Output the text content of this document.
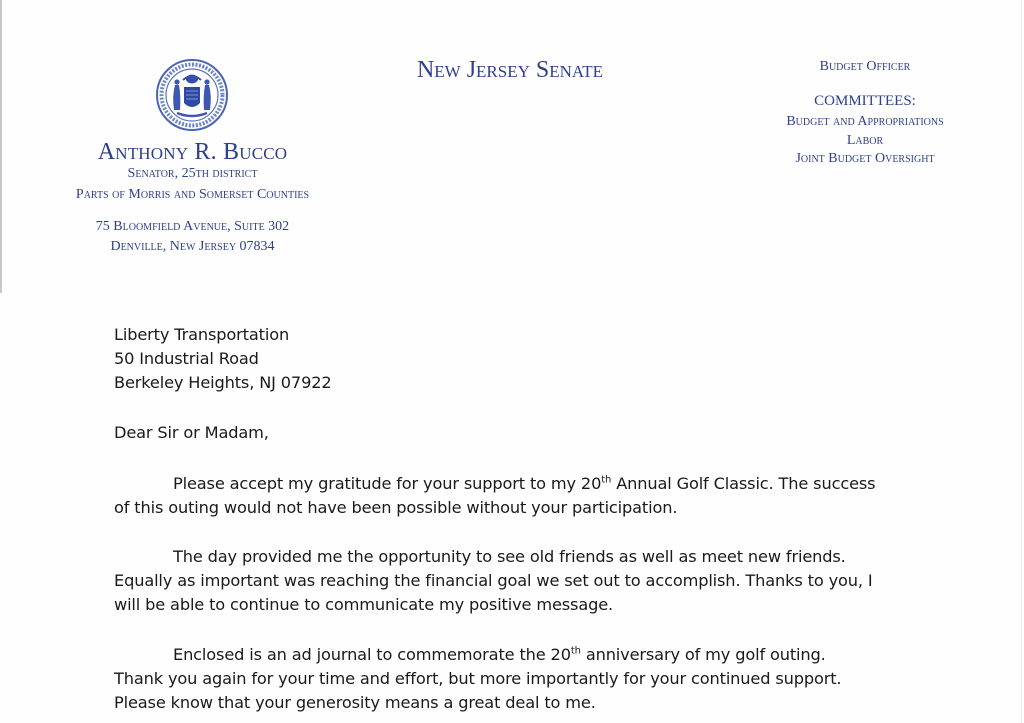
Anthony R. Bucco
Senator, 25th district
Parts of Morris and Somerset Counties
75 Bloomfield Avenue, Suite 302
Denville, New Jersey 07834
New Jersey Senate	Budget Officer
COMMITTEES:
Budget and Appropriations
Labor
Joint Budget Oversight
Liberty Transportation
50 Industrial Road
Berkeley Heights, NJ 07922
Dear Sir or Madam,
Please accept my gratitude for your support to my 20th Annual Golf Classic. The success
of this outing would not have been possible without your participation.
The day provided me the opportunity to see old friends as well as meet new friends.
Equally as important was reaching the financial goal we set out to accomplish. Thanks to you, I
will be able to continue to communicate my positive message.
Enclosed is an ad journal to commemorate the 20th anniversary of my golf outing.
Thank you again for your time and effort, but more importantly for your continued support.
Please know that your generosity means a great deal to me.
